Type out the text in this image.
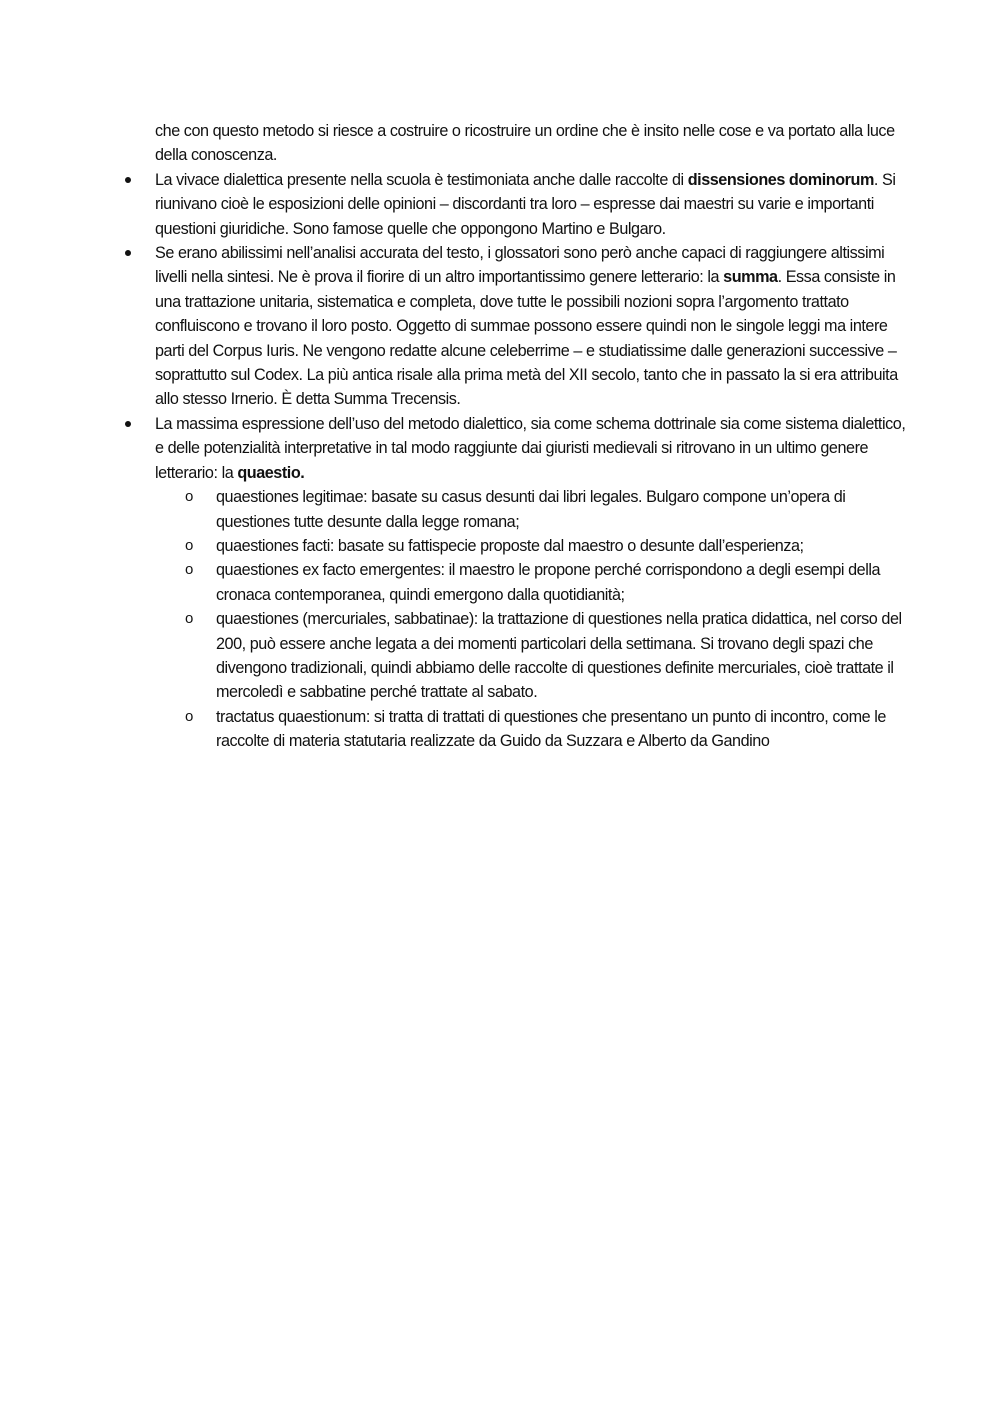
che con questo metodo si riesce a costruire o ricostruire un ordine che è insito nelle cose e va portato alla luce della conoscenza.

La vivace dialettica presente nella scuola è testimoniata anche dalle raccolte di dissensiones dominorum. Si riunivano cioè le esposizioni delle opinioni – discordanti tra loro – espresse dai maestri su varie e importanti questioni giuridiche. Sono famose quelle che oppongono Martino e Bulgaro.
Se erano abilissimi nell’analisi accurata del testo, i glossatori sono però anche capaci di raggiungere altissimi livelli nella sintesi. Ne è prova il fiorire di un altro importantissimo genere letterario: la summa. Essa consiste in una trattazione unitaria, sistematica e completa, dove tutte le possibili nozioni sopra l’argomento trattato confluiscono e trovano il loro posto. Oggetto di summae possono essere quindi non le singole leggi ma intere parti del Corpus Iuris. Ne vengono redatte alcune celeberrime – e studiatissime dalle generazioni successive – soprattutto sul Codex. La più antica risale alla prima metà del XII secolo, tanto che in passato la si era attribuita allo stesso Irnerio. È detta Summa Trecensis.
La massima espressione dell’uso del metodo dialettico, sia come schema dottrinale sia come sistema dialettico, e delle potenzialità interpretative in tal modo raggiunte dai giuristi medievali si ritrovano in un ultimo genere letterario: la quaestio.
o quaestiones legitimae: basate su casus desunti dai libri legales. Bulgaro compone un’opera di questiones tutte desunte dalla legge romana;
o quaestiones facti: basate su fattispecie proposte dal maestro o desunte dall’esperienza;
o quaestiones ex facto emergentes: il maestro le propone perché corrispondono a degli esempi della cronaca contemporanea, quindi emergono dalla quotidianità;
o quaestiones (mercuriales, sabbatinae): la trattazione di questiones nella pratica didattica, nel corso del 200, può essere anche legata a dei momenti particolari della settimana. Si trovano degli spazi che divengono tradizionali, quindi abbiamo delle raccolte di questiones definite mercuriales, cioè trattate il mercoledì e sabbatine perché trattate al sabato.
o tractatus quaestionum: si tratta di trattati di questiones che presentano un punto di incontro, come le raccolte di materia statutaria realizzate da Guido da Suzzara e Alberto da Gandino
